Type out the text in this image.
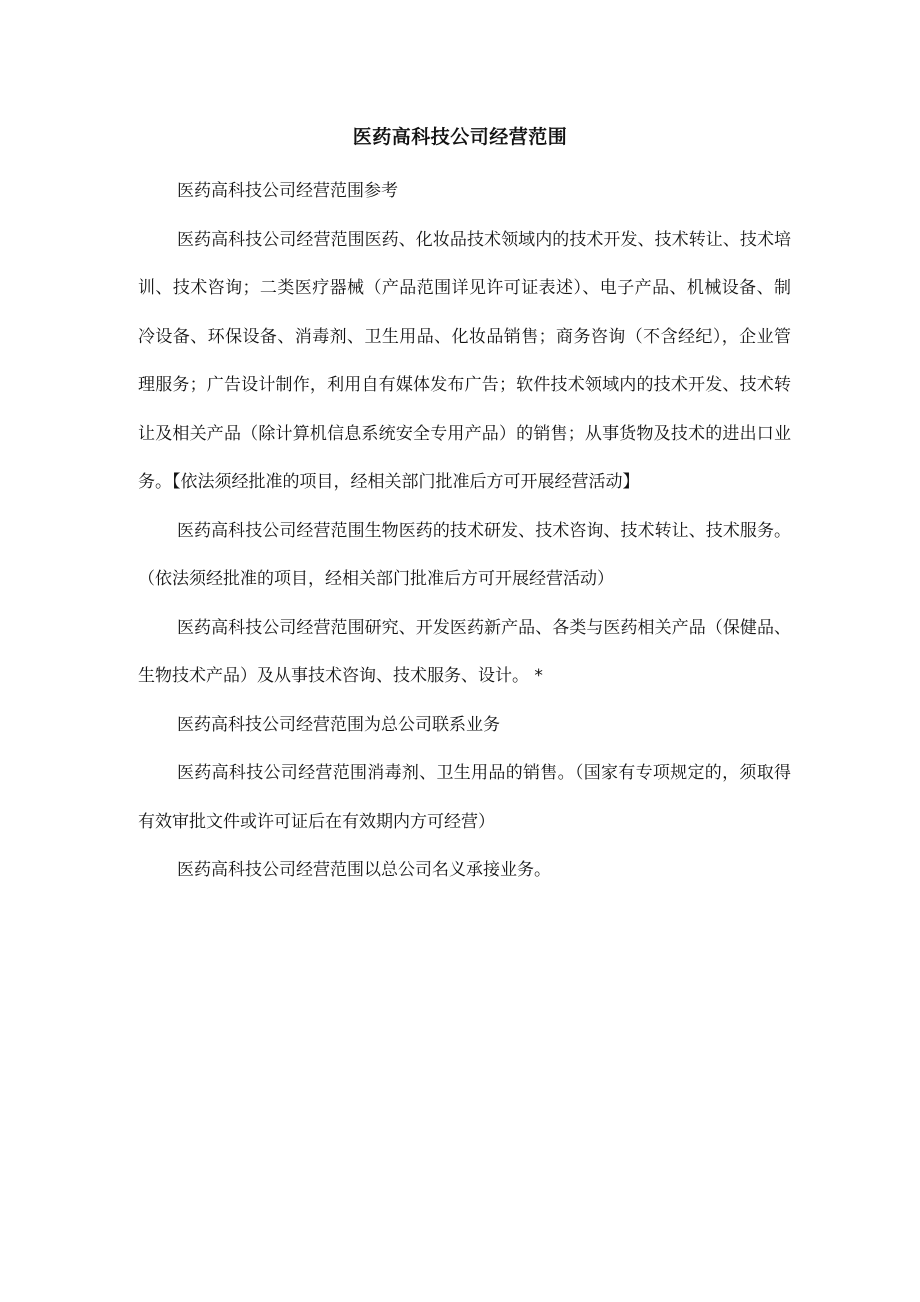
医药高科技公司经营范围

医药高科技公司经营范围参考

医药高科技公司经营范围医药、化妆品技术领域内的技术开发、技术转让、技术培训、技术咨询；二类医疗器械（产品范围详见许可证表述）、电子产品、机械设备、制冷设备、环保设备、消毒剂、卫生用品、化妆品销售；商务咨询（不含经纪），企业管理服务；广告设计制作，利用自有媒体发布广告；软件技术领域内的技术开发、技术转让及相关产品（除计算机信息系统安全专用产品）的销售；从事货物及技术的进出口业务。【依法须经批准的项目，经相关部门批准后方可开展经营活动】

医药高科技公司经营范围生物医药的技术研发、技术咨询、技术转让、技术服务。（依法须经批准的项目，经相关部门批准后方可开展经营活动）

医药高科技公司经营范围研究、开发医药新产品、各类与医药相关产品（保健品、生物技术产品）及从事技术咨询、技术服务、设计。 *

医药高科技公司经营范围为总公司联系业务

医药高科技公司经营范围消毒剂、卫生用品的销售。（国家有专项规定的，须取得有效审批文件或许可证后在有效期内方可经营）

医药高科技公司经营范围以总公司名义承接业务。
